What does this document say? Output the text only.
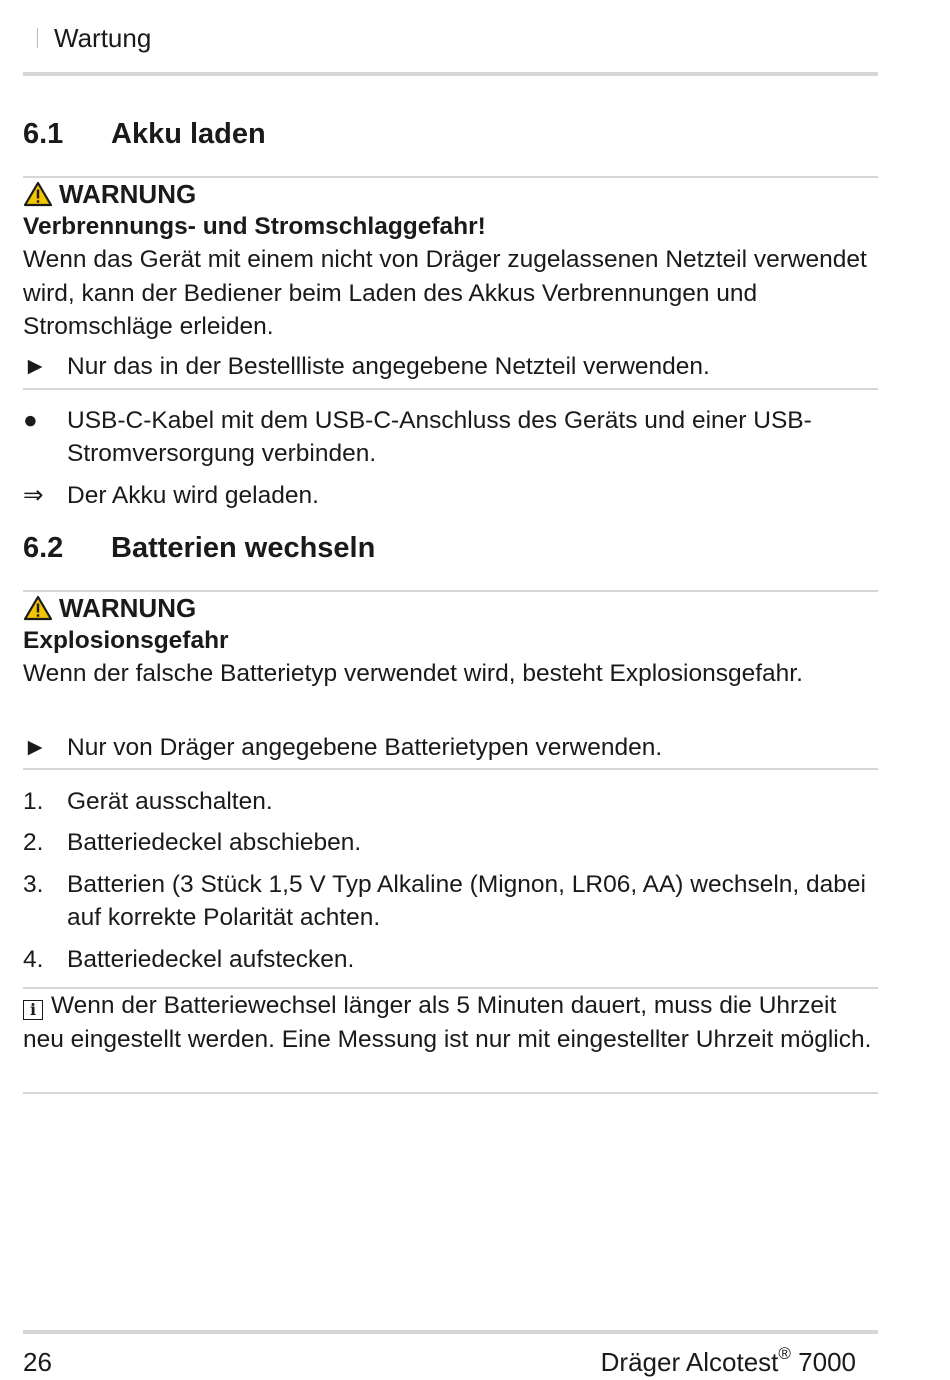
Wartung
6.1 Akku laden
WARNUNG
Verbrennungs- und Stromschlaggefahr!
Wenn das Gerät mit einem nicht von Dräger zugelassenen Netzteil verwendet wird, kann der Bediener beim Laden des Akkus Verbrennungen und Stromschläge erleiden.
► Nur das in der Bestellliste angegebene Netzteil verwenden.
●	USB-C-Kabel mit dem USB-C-Anschluss des Geräts und einer USB-Stromversorgung verbinden.
⇒ Der Akku wird geladen.
6.2 Batterien wechseln
WARNUNG
Explosionsgefahr
Wenn der falsche Batterietyp verwendet wird, besteht Explosionsgefahr.
► Nur von Dräger angegebene Batterietypen verwenden.
1. Gerät ausschalten.
2. Batteriedeckel abschieben.
3. Batterien (3 Stück 1,5 V Typ Alkaline (Mignon, LR06, AA) wechseln, dabei auf korrekte Polarität achten.
4. Batteriedeckel aufstecken.
i Wenn der Batteriewechsel länger als 5 Minuten dauert, muss die Uhrzeit neu eingestellt werden. Eine Messung ist nur mit eingestellter Uhrzeit möglich.
26	Dräger Alcotest® 7000
